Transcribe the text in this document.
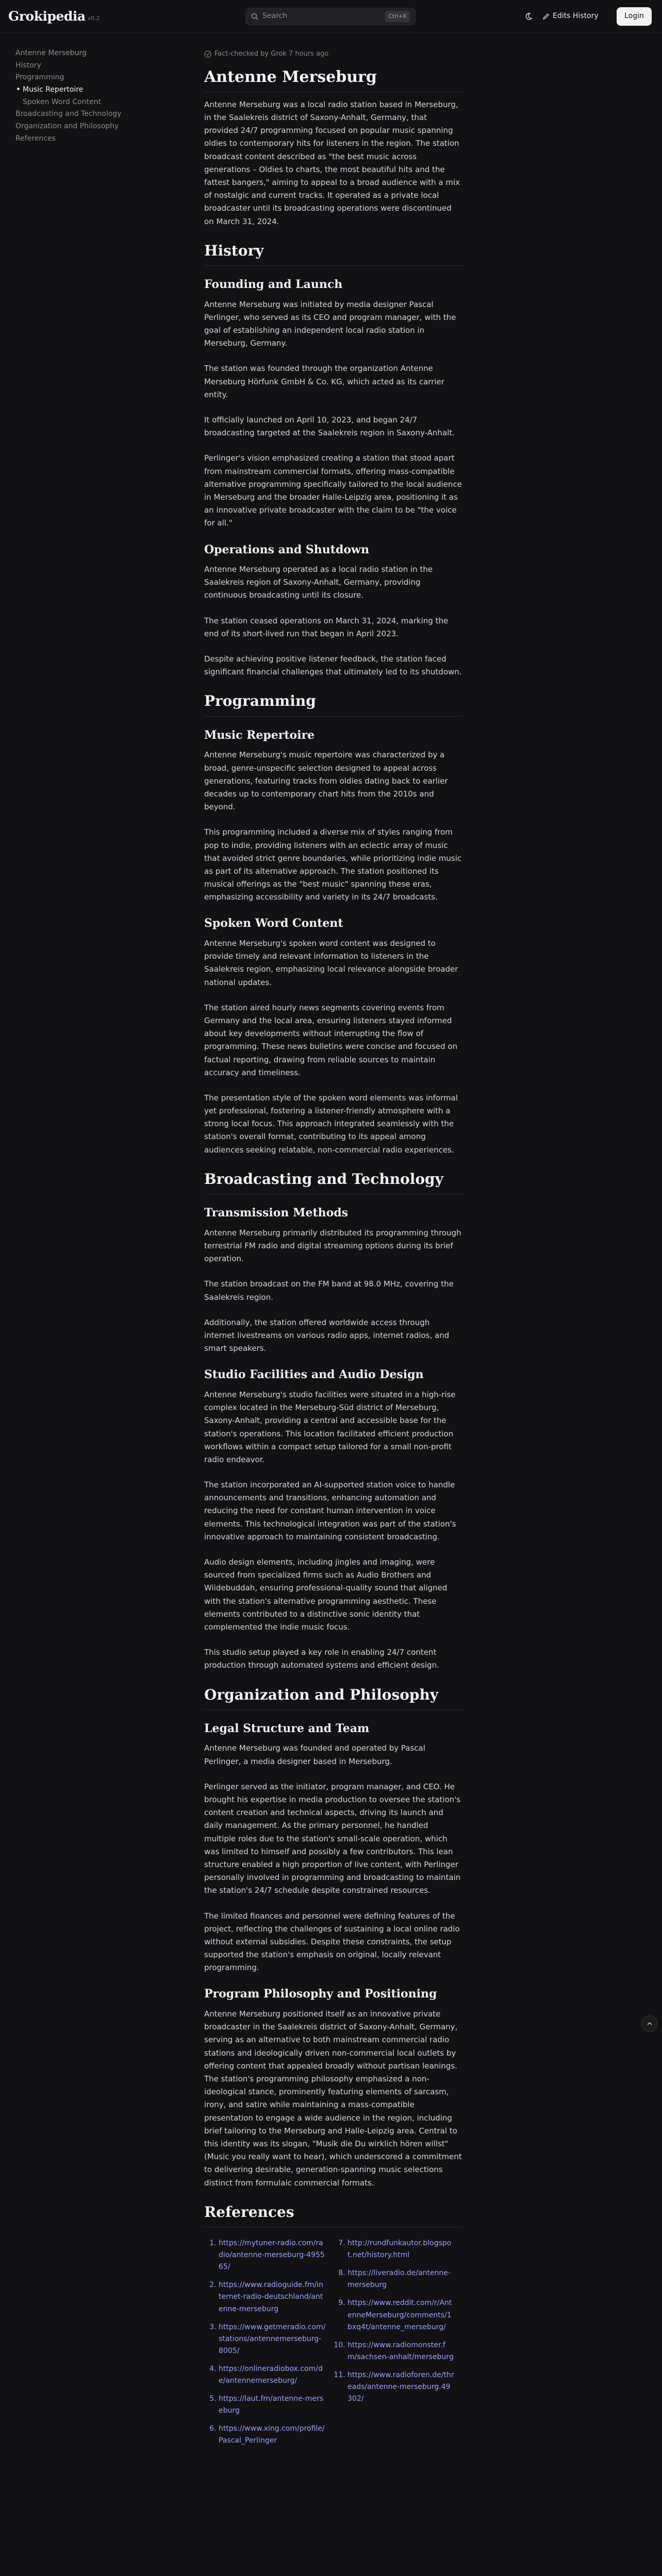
Grokipedia v0.2	Search	Ctrl+K	Edits History	Login
Antenne Merseburg
History
Programming
Music Repertoire
Spoken Word Content
Broadcasting and Technology
Organization and Philosophy
References
Fact-checked by Grok 7 hours ago
Antenne Merseburg

Antenne Merseburg was a local radio station based in Merseburg, in the Saalekreis district of Saxony-Anhalt, Germany, that provided 24/7 programming focused on popular music spanning oldies to contemporary hits for listeners in the region. The station broadcast content described as "the best music across generations – Oldies to charts, the most beautiful hits and the fattest bangers," aiming to appeal to a broad audience with a mix of nostalgic and current tracks. It operated as a private local broadcaster until its broadcasting operations were discontinued on March 31, 2024.

History
Founding and Launch

Antenne Merseburg was initiated by media designer Pascal Perlinger, who served as its CEO and program manager, with the goal of establishing an independent local radio station in Merseburg, Germany.

The station was founded through the organization Antenne Merseburg Hörfunk GmbH & Co. KG, which acted as its carrier entity.

It officially launched on April 10, 2023, and began 24/7 broadcasting targeted at the Saalekreis region in Saxony-Anhalt.

Perlinger's vision emphasized creating a station that stood apart from mainstream commercial formats, offering mass-compatible alternative programming specifically tailored to the local audience in Merseburg and the broader Halle-Leipzig area, positioning it as an innovative private broadcaster with the claim to be "the voice for all."

Operations and Shutdown

Antenne Merseburg operated as a local radio station in the Saalekreis region of Saxony-Anhalt, Germany, providing continuous broadcasting until its closure.

The station ceased operations on March 31, 2024, marking the end of its short-lived run that began in April 2023.

Despite achieving positive listener feedback, the station faced significant financial challenges that ultimately led to its shutdown.

Programming
Music Repertoire

Antenne Merseburg's music repertoire was characterized by a broad, genre-unspecific selection designed to appeal across generations, featuring tracks from oldies dating back to earlier decades up to contemporary chart hits from the 2010s and beyond.

This programming included a diverse mix of styles ranging from pop to indie, providing listeners with an eclectic array of music that avoided strict genre boundaries, while prioritizing indie music as part of its alternative approach. The station positioned its musical offerings as the "best music" spanning these eras, emphasizing accessibility and variety in its 24/7 broadcasts.

Spoken Word Content

Antenne Merseburg's spoken word content was designed to provide timely and relevant information to listeners in the Saalekreis region, emphasizing local relevance alongside broader national updates.

The station aired hourly news segments covering events from Germany and the local area, ensuring listeners stayed informed about key developments without interrupting the flow of programming. These news bulletins were concise and focused on factual reporting, drawing from reliable sources to maintain accuracy and timeliness.

The presentation style of the spoken word elements was informal yet professional, fostering a listener-friendly atmosphere with a strong local focus. This approach integrated seamlessly with the station's overall format, contributing to its appeal among audiences seeking relatable, non-commercial radio experiences.

Broadcasting and Technology
Transmission Methods

Antenne Merseburg primarily distributed its programming through terrestrial FM radio and digital streaming options during its brief operation.

The station broadcast on the FM band at 98.0 MHz, covering the Saalekreis region.

Additionally, the station offered worldwide access through internet livestreams on various radio apps, internet radios, and smart speakers.

Studio Facilities and Audio Design

Antenne Merseburg's studio facilities were situated in a high-rise complex located in the Merseburg-Süd district of Merseburg, Saxony-Anhalt, providing a central and accessible base for the station's operations. This location facilitated efficient production workflows within a compact setup tailored for a small non-profit radio endeavor.

The station incorporated an AI-supported station voice to handle announcements and transitions, enhancing automation and reducing the need for constant human intervention in voice elements. This technological integration was part of the station's innovative approach to maintaining consistent broadcasting.

Audio design elements, including jingles and imaging, were sourced from specialized firms such as Audio Brothers and Wiidebuddah, ensuring professional-quality sound that aligned with the station's alternative programming aesthetic. These elements contributed to a distinctive sonic identity that complemented the indie music focus.

This studio setup played a key role in enabling 24/7 content production through automated systems and efficient design.

Organization and Philosophy
Legal Structure and Team

Antenne Merseburg was founded and operated by Pascal Perlinger, a media designer based in Merseburg.

Perlinger served as the initiator, program manager, and CEO. He brought his expertise in media production to oversee the station's content creation and technical aspects, driving its launch and daily management. As the primary personnel, he handled multiple roles due to the station's small-scale operation, which was limited to himself and possibly a few contributors. This lean structure enabled a high proportion of live content, with Perlinger personally involved in programming and broadcasting to maintain the station's 24/7 schedule despite constrained resources.

The limited finances and personnel were defining features of the project, reflecting the challenges of sustaining a local online radio without external subsidies. Despite these constraints, the setup supported the station's emphasis on original, locally relevant programming.

Program Philosophy and Positioning

Antenne Merseburg positioned itself as an innovative private broadcaster in the Saalekreis district of Saxony-Anhalt, Germany, serving as an alternative to both mainstream commercial radio stations and ideologically driven non-commercial local outlets by offering content that appealed broadly without partisan leanings. The station's programming philosophy emphasized a non-ideological stance, prominently featuring elements of sarcasm, irony, and satire while maintaining a mass-compatible presentation to engage a wide audience in the region, including brief tailoring to the Merseburg and Halle-Leipzig area. Central to this identity was its slogan, "Musik die Du wirklich hören willst" (Music you really want to hear), which underscored a commitment to delivering desirable, generation-spanning music selections distinct from formulaic commercial formats.

References
1. https://mytuner-radio.com/radio/antenne-merseburg-495565/
2. https://www.radioguide.fm/internet-radio-deutschland/antenne-merseburg
3. https://www.getmeradio.com/stations/antennemerseburg-8005/
4. https://onlineradiobox.com/de/antennemerseburg/
5. https://laut.fm/antenne-merseburg
6. https://www.xing.com/profile/Pascal_Perlinger
7. http://rundfunkautor.blogspot.net/history.html
8. https://liveradio.de/antenne-merseburg
9. https://www.reddit.com/r/AntenneMerseburg/comments/1bxq4t/antenne_merseburg/
10. https://www.radiomonster.fm/sachsen-anhalt/merseburg
11. https://www.radioforen.de/threads/antenne-merseburg.49302/
